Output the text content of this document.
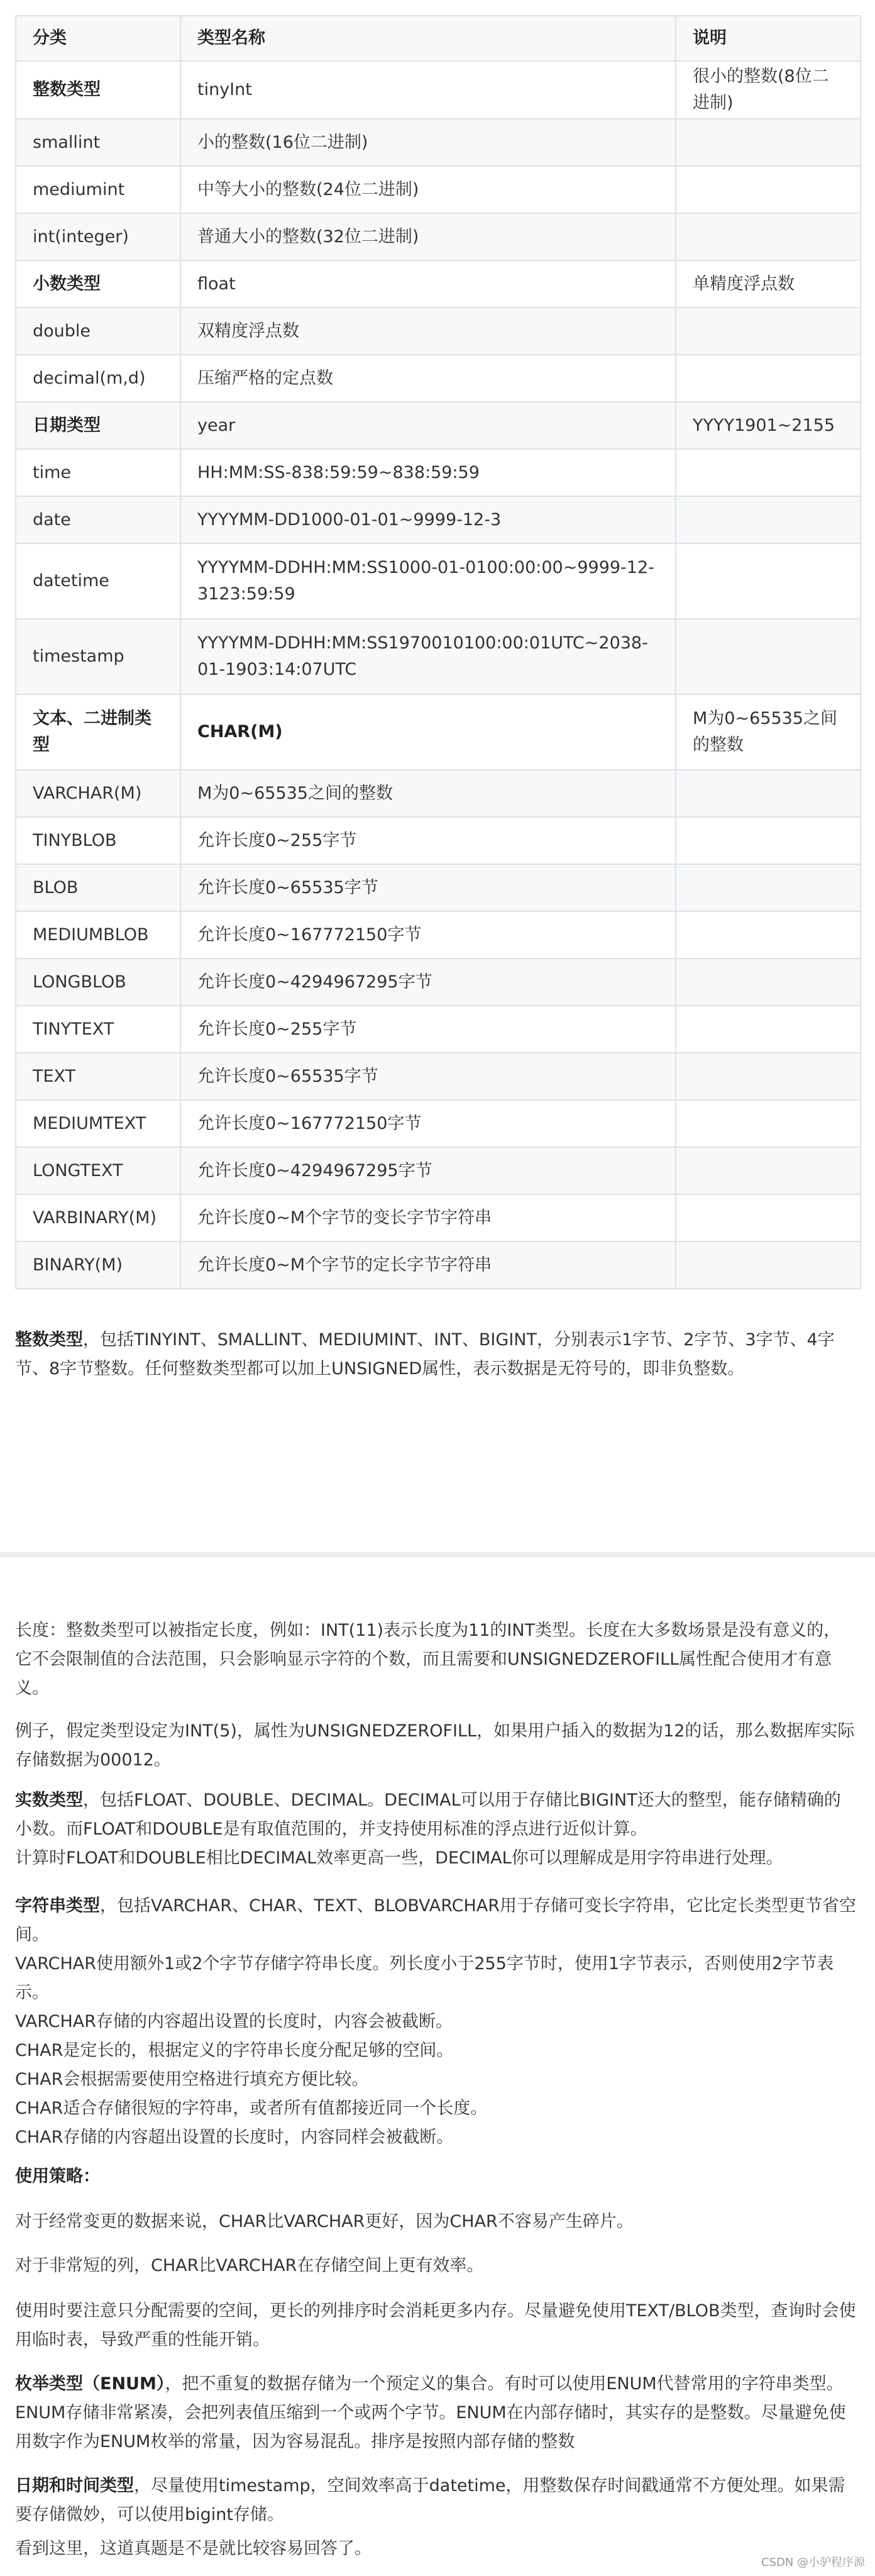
分类	类型名称	说明
整数类型	tinyInt	很小的整数(8位二进制)
smallint	小的整数(16位二进制)	
mediumint	中等大小的整数(24位二进制)	
int(integer)	普通大小的整数(32位二进制)	
小数类型	float	单精度浮点数
double	双精度浮点数	
decimal(m,d)	压缩严格的定点数	
日期类型	year	YYYY1901~2155
time	HH:MM:SS-838:59:59~838:59:59	
date	YYYYMM-DD1000-01-01~9999-12-3	
datetime	YYYYMM-DDHH:MM:SS1000-01-0100:00:00~9999-12-3123:59:59	
timestamp	YYYYMM-DDHH:MM:SS1970010100:00:01UTC~2038-01-1903:14:07UTC	
文本、二进制类型	CHAR(M)	M为0~65535之间的整数
VARCHAR(M)	M为0~65535之间的整数	
TINYBLOB	允许长度0~255字节	
BLOB	允许长度0~65535字节	
MEDIUMBLOB	允许长度0~167772150字节	
LONGBLOB	允许长度0~4294967295字节	
TINYTEXT	允许长度0~255字节	
TEXT	允许长度0~65535字节	
MEDIUMTEXT	允许长度0~167772150字节	
LONGTEXT	允许长度0~4294967295字节	
VARBINARY(M)	允许长度0~M个字节的变长字节字符串	
BINARY(M)	允许长度0~M个字节的定长字节字符串	

整数类型，包括TINYINT、SMALLINT、MEDIUMINT、INT、BIGINT，分别表示1字节、2字节、3字节、4字节、8字节整数。任何整数类型都可以加上UNSIGNED属性，表示数据是无符号的，即非负整数。

长度：整数类型可以被指定长度，例如：INT(11)表示长度为11的INT类型。长度在大多数场景是没有意义的，它不会限制值的合法范围，只会影响显示字符的个数，而且需要和UNSIGNEDZEROFILL属性配合使用才有意义。

例子，假定类型设定为INT(5)，属性为UNSIGNEDZEROFILL，如果用户插入的数据为12的话，那么数据库实际存储数据为00012。

实数类型，包括FLOAT、DOUBLE、DECIMAL。DECIMAL可以用于存储比BIGINT还大的整型，能存储精确的小数。而FLOAT和DOUBLE是有取值范围的，并支持使用标准的浮点进行近似计算。
计算时FLOAT和DOUBLE相比DECIMAL效率更高一些，DECIMAL你可以理解成是用字符串进行处理。

字符串类型，包括VARCHAR、CHAR、TEXT、BLOBVARCHAR用于存储可变长字符串，它比定长类型更节省空间。
VARCHAR使用额外1或2个字节存储字符串长度。列长度小于255字节时，使用1字节表示，否则使用2字节表示。
VARCHAR存储的内容超出设置的长度时，内容会被截断。
CHAR是定长的，根据定义的字符串长度分配足够的空间。
CHAR会根据需要使用空格进行填充方便比较。
CHAR适合存储很短的字符串，或者所有值都接近同一个长度。
CHAR存储的内容超出设置的长度时，内容同样会被截断。

使用策略：

对于经常变更的数据来说，CHAR比VARCHAR更好，因为CHAR不容易产生碎片。

对于非常短的列，CHAR比VARCHAR在存储空间上更有效率。

使用时要注意只分配需要的空间，更长的列排序时会消耗更多内存。尽量避免使用TEXT/BLOB类型，查询时会使用临时表，导致严重的性能开销。

枚举类型（ENUM），把不重复的数据存储为一个预定义的集合。有时可以使用ENUM代替常用的字符串类型。ENUM存储非常紧凑，会把列表值压缩到一个或两个字节。ENUM在内部存储时，其实存的是整数。尽量避免使用数字作为ENUM枚举的常量，因为容易混乱。排序是按照内部存储的整数

日期和时间类型，尽量使用timestamp，空间效率高于datetime，用整数保存时间戳通常不方便处理。如果需要存储微妙，可以使用bigint存储。

看到这里，这道真题是不是就比较容易回答了。

CSDN @小驴程序源
